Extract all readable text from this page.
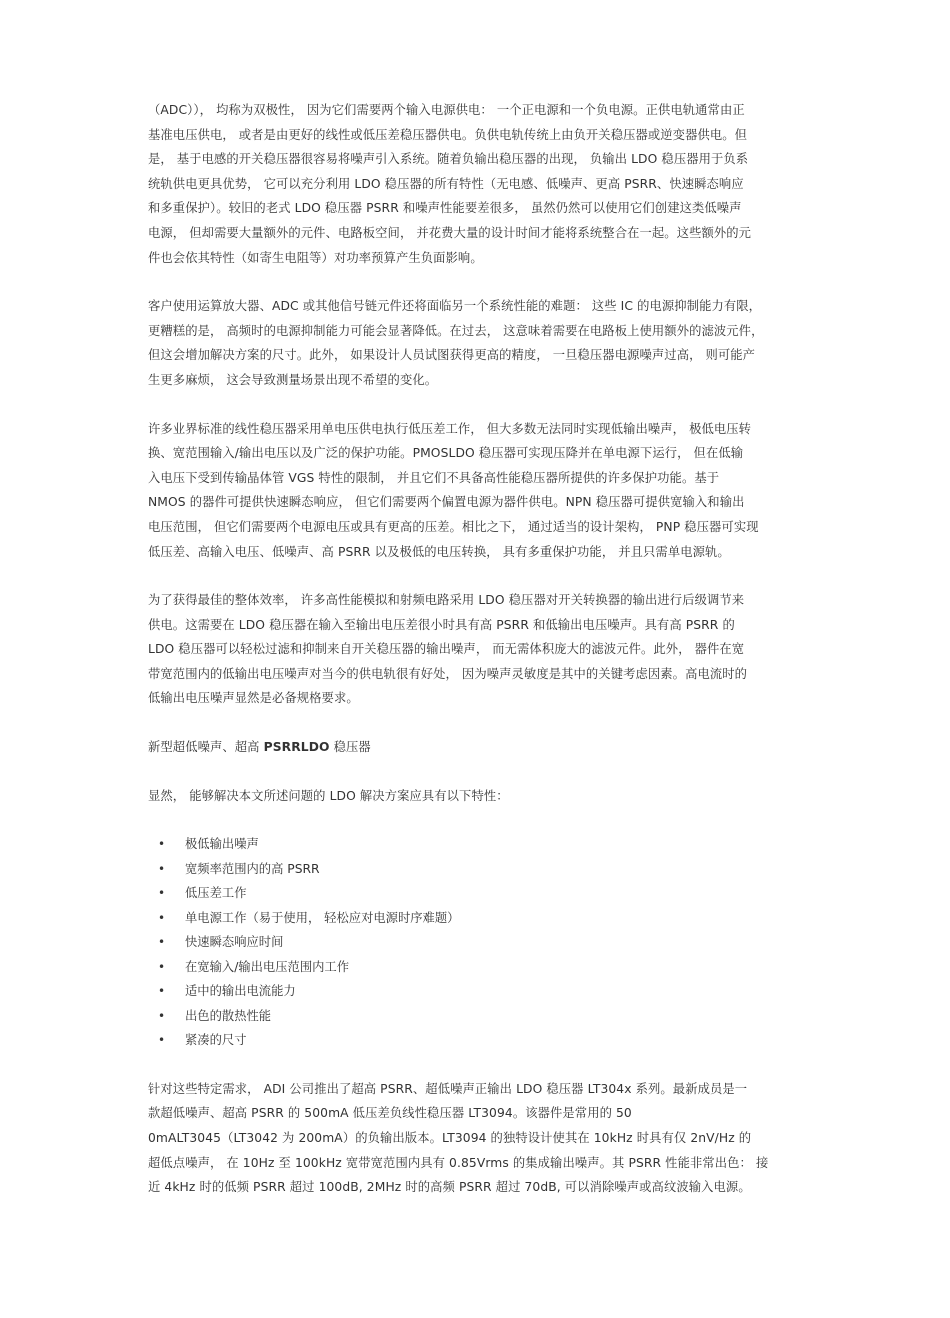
（ADC））， 均称为双极性， 因为它们需要两个输入电源供电： 一个正电源和一个负电源。正供电轨通常由正
基准电压供电， 或者是由更好的线性或低压差稳压器供电。负供电轨传统上由负开关稳压器或逆变器供电。但
是， 基于电感的开关稳压器很容易将噪声引入系统。随着负输出稳压器的出现， 负输出 LDO 稳压器用于负系
统轨供电更具优势， 它可以充分利用 LDO 稳压器的所有特性（无电感、低噪声、更高 PSRR、快速瞬态响应
和多重保护）。较旧的老式 LDO 稳压器 PSRR 和噪声性能要差很多， 虽然仍然可以使用它们创建这类低噪声
电源， 但却需要大量额外的元件、电路板空间， 并花费大量的设计时间才能将系统整合在一起。这些额外的元
件也会依其特性（如寄生电阻等）对功率预算产生负面影响。

客户使用运算放大器、ADC 或其他信号链元件还将面临另一个系统性能的难题： 这些 IC 的电源抑制能力有限，
更糟糕的是， 高频时的电源抑制能力可能会显著降低。在过去， 这意味着需要在电路板上使用额外的滤波元件，
但这会增加解决方案的尺寸。此外， 如果设计人员试图获得更高的精度， 一旦稳压器电源噪声过高， 则可能产
生更多麻烦， 这会导致测量场景出现不希望的变化。

许多业界标准的线性稳压器采用单电压供电执行低压差工作， 但大多数无法同时实现低输出噪声， 极低电压转
换、宽范围输入/输出电压以及广泛的保护功能。PMOSLDO 稳压器可实现压降并在单电源下运行， 但在低输
入电压下受到传输晶体管 VGS 特性的限制， 并且它们不具备高性能稳压器所提供的许多保护功能。基于
NMOS 的器件可提供快速瞬态响应， 但它们需要两个偏置电源为器件供电。NPN 稳压器可提供宽输入和输出
电压范围， 但它们需要两个电源电压或具有更高的压差。相比之下， 通过适当的设计架构， PNP 稳压器可实现
低压差、高输入电压、低噪声、高 PSRR 以及极低的电压转换， 具有多重保护功能， 并且只需单电源轨。

为了获得最佳的整体效率， 许多高性能模拟和射频电路采用 LDO 稳压器对开关转换器的输出进行后级调节来
供电。这需要在 LDO 稳压器在输入至输出电压差很小时具有高 PSRR 和低输出电压噪声。具有高 PSRR 的
LDO 稳压器可以轻松过滤和抑制来自开关稳压器的输出噪声， 而无需体积庞大的滤波元件。此外， 器件在宽
带宽范围内的低输出电压噪声对当今的供电轨很有好处， 因为噪声灵敏度是其中的关键考虑因素。高电流时的
低输出电压噪声显然是必备规格要求。

新型超低噪声、超高 PSRRLDO 稳压器

显然， 能够解决本文所述问题的 LDO 解决方案应具有以下特性：

• 极低输出噪声
• 宽频率范围内的高 PSRR
• 低压差工作
• 单电源工作（易于使用， 轻松应对电源时序难题）
• 快速瞬态响应时间
• 在宽输入/输出电压范围内工作
• 适中的输出电流能力
• 出色的散热性能
• 紧凑的尺寸

针对这些特定需求， ADI 公司推出了超高 PSRR、超低噪声正输出 LDO 稳压器 LT304x 系列。最新成员是一
款超低噪声、超高 PSRR 的 500mA 低压差负线性稳压器 LT3094。该器件是常用的 50
0mALT3045（LT3042 为 200mA）的负输出版本。LT3094 的独特设计使其在 10kHz 时具有仅 2nV/Hz 的
超低点噪声， 在 10Hz 至 100kHz 宽带宽范围内具有 0.85Vrms 的集成输出噪声。其 PSRR 性能非常出色： 接
近 4kHz 时的低频 PSRR 超过 100dB, 2MHz 时的高频 PSRR 超过 70dB, 可以消除噪声或高纹波输入电源。
